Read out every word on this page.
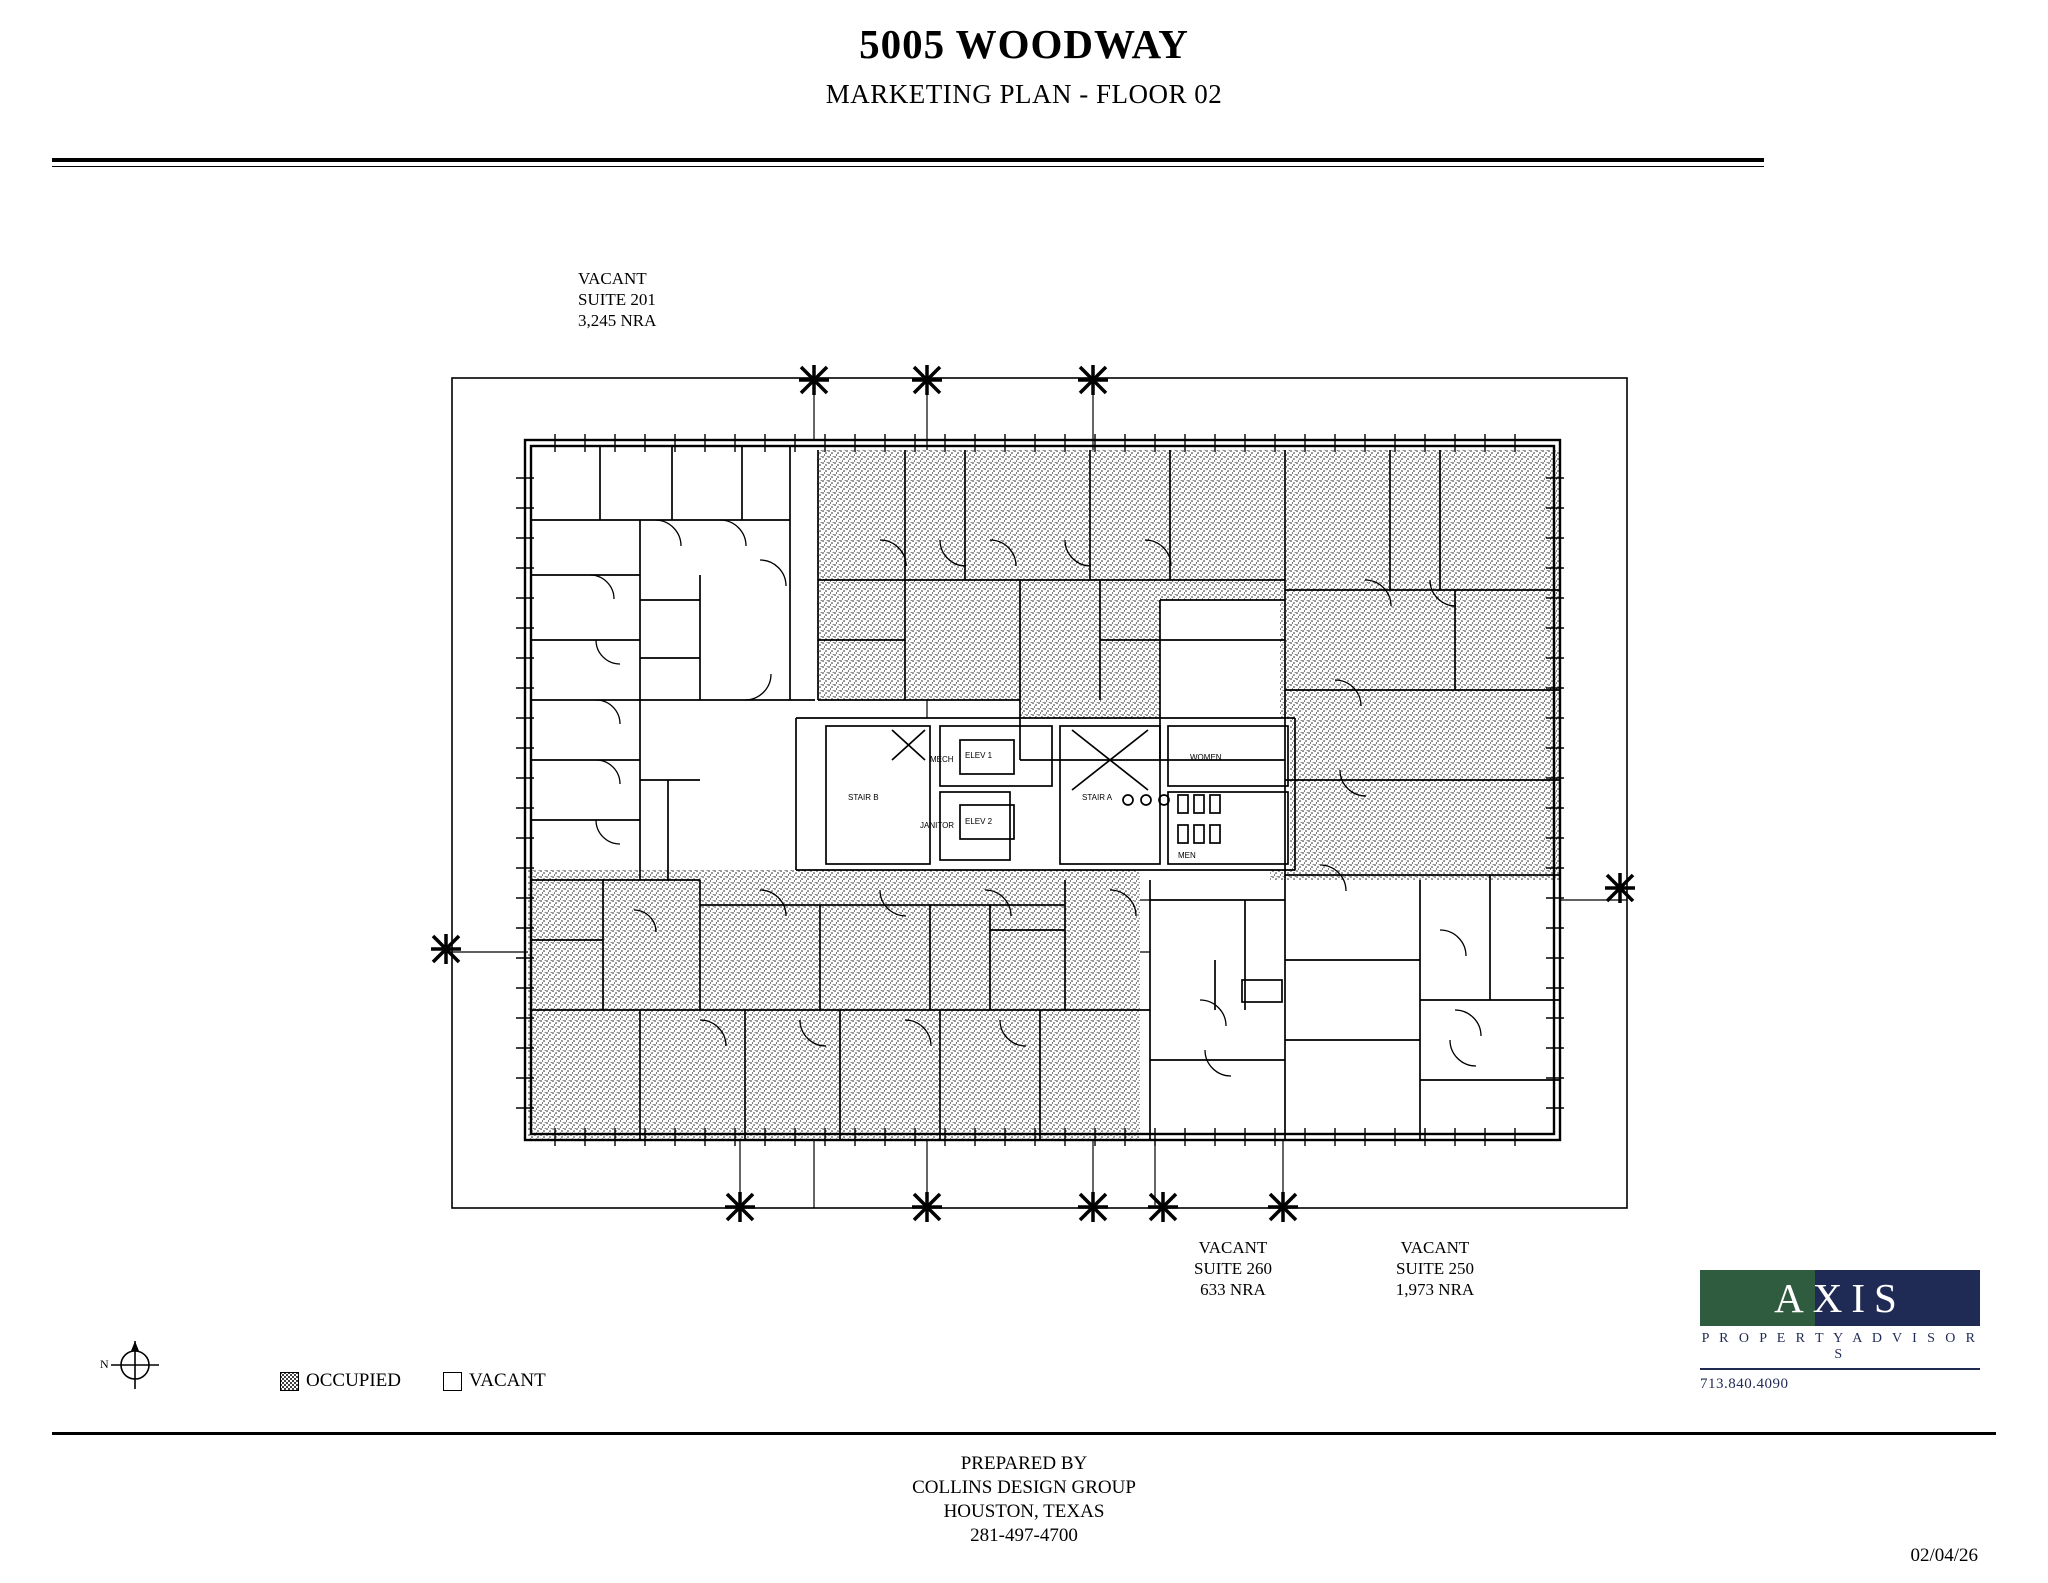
5005 WOODWAY
MARKETING PLAN - FLOOR 02
STAIR B	STAIR A
ELEV 1
ELEV 2
MECH
JANITOR
WOMEN
MEN
VACANT
SUITE 201
3,245 NRA
VACANT
SUITE 260
633 NRA
VACANT
SUITE 250
1,973 NRA
N
OCCUPIED	VACANT
AXIS
P R O P E R T Y A D V I S O R S
713.840.4090
PREPARED BY
COLLINS DESIGN GROUP
HOUSTON, TEXAS
281-497-4700
02/04/26
